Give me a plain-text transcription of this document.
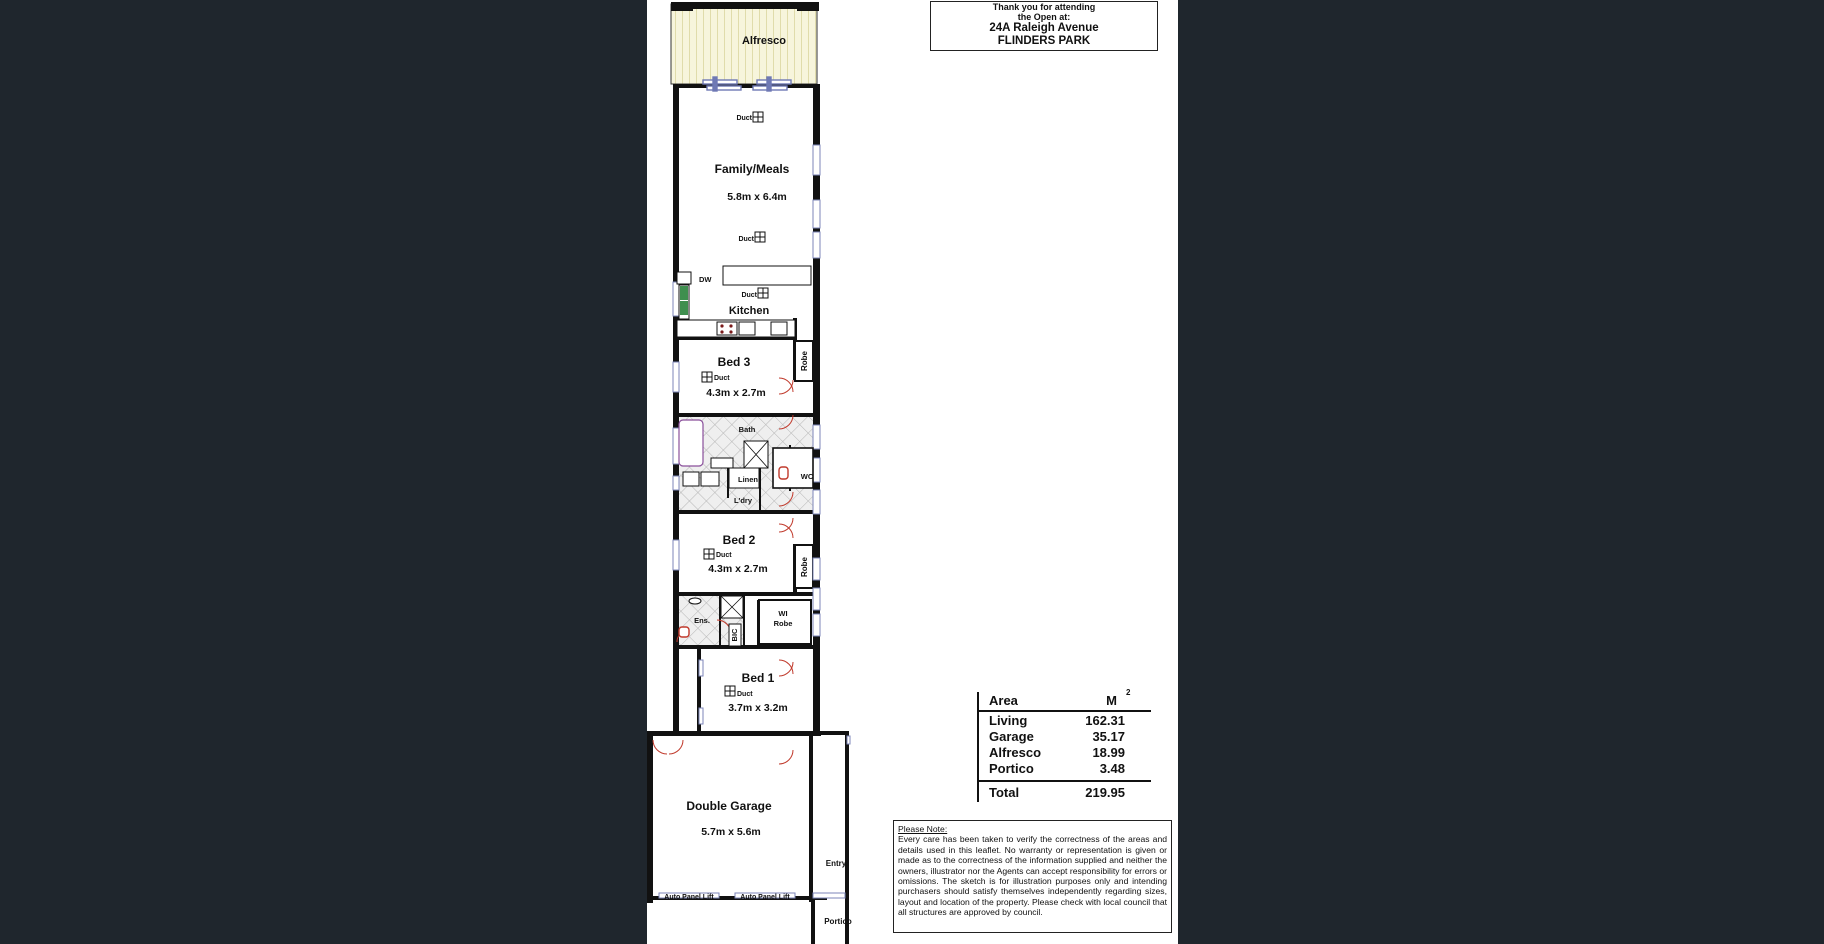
Thank you for attending
the Open at:
24A Raleigh Avenue
FLINDERS PARK
Alfresco
Duct
Family/Meals
5.8m x 6.4m
Duct
DW
Duct
Kitchen
Bed 3
Duct
4.3m x 2.7m
Robe
Bath
Linen	WC
L'dry
Bed 2
Duct
4.3m x 2.7m	Robe
WI
Robe
Ens.
BIC
Bed 1
Duct
3.7m x 3.2m
Double Garage
5.7m x 5.6m
Entry
Auto Panel Lift	Auto Panel Lift
Portico
Area	M
2
Living	162.31
Garage	35.17
Alfresco	18.99
Portico	3.48
Total	219.95
Please Note:
Every care has been taken to verify the correctness of the areas and details used in this leaflet. No warranty or representation is given or made as to the correctness of the information supplied and neither the owners, illustrator nor the Agents can accept responsibility for errors or omissions. The sketch is for illustration purposes only and intending purchasers should satisfy themselves independently regarding sizes, layout and location of the property. Please check with local council that all structures are approved by council.
